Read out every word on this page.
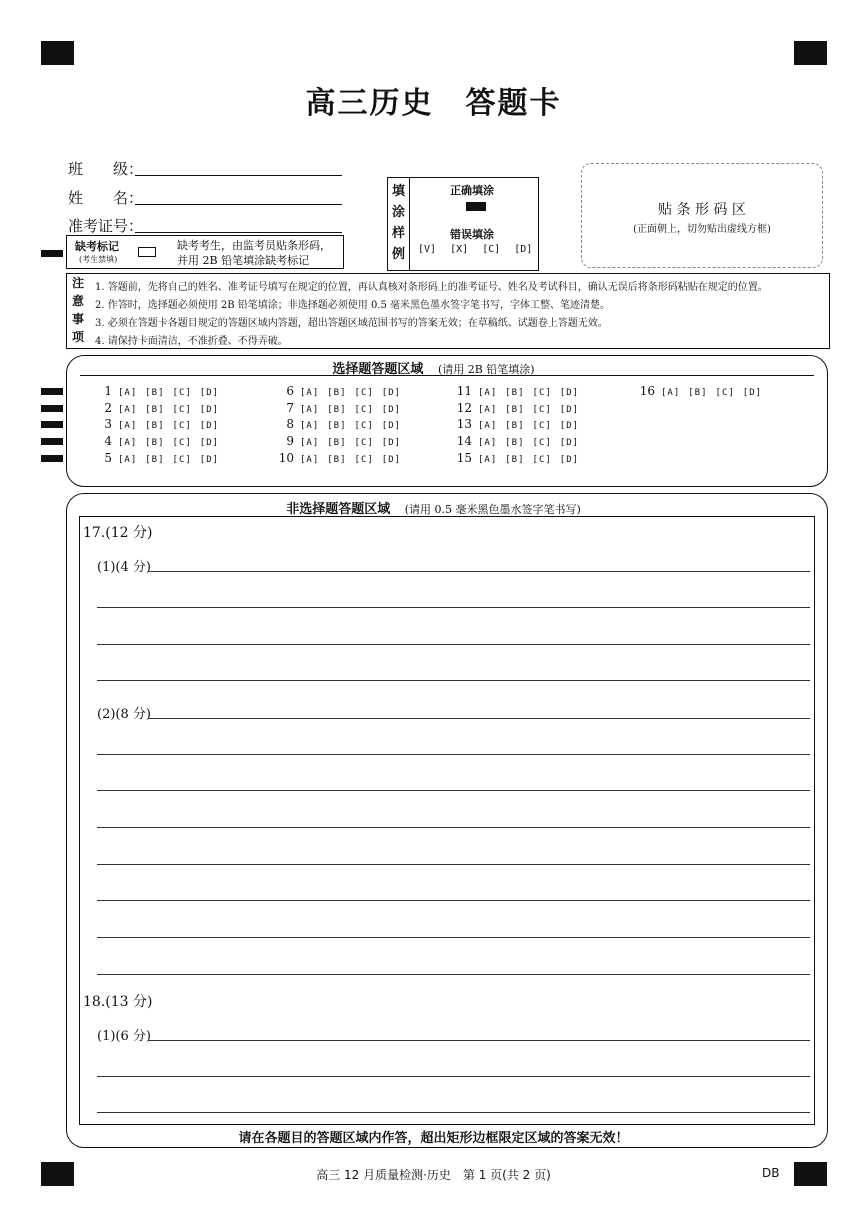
高三历史　答题卡
班　　级：
姓　　名：
准考证号：
缺考标记
(考生禁填)
缺考考生，由监考员贴条形码，
并用 2B 铅笔填涂缺考标记
填
涂
样
例
正确填涂
错误填涂
[V] [X] [C] [D]
贴 条 形 码 区
(正面朝上，切勿贴出虚线方框)
注
意
事
项
1. 答题前，先将自己的姓名、准考证号填写在规定的位置，再认真核对条形码上的准考证号、姓名及考试科目，确认无误后将条形码粘贴在规定的位置。
2. 作答时，选择题必须使用 2B 铅笔填涂；非选择题必须使用 0.5 毫米黑色墨水签字笔书写，字体工整、笔迹清楚。
3. 必须在答题卡各题目规定的答题区域内答题，超出答题区域范围书写的答案无效；在草稿纸、试题卷上答题无效。
4. 请保持卡面清洁，不准折叠、不得弄破。
选择题答题区域 (请用 2B 铅笔填涂)
1 [A] [B] [C] [D]
2 [A] [B] [C] [D]
3 [A] [B] [C] [D]
4 [A] [B] [C] [D]
5 [A] [B] [C] [D]
6 [A] [B] [C] [D]
7 [A] [B] [C] [D]
8 [A] [B] [C] [D]
9 [A] [B] [C] [D]
10 [A] [B] [C] [D]
11 [A] [B] [C] [D]
12 [A] [B] [C] [D]
13 [A] [B] [C] [D]
14 [A] [B] [C] [D]
15 [A] [B] [C] [D]
16 [A] [B] [C] [D]
非选择题答题区域 (请用 0.5 毫米黑色墨水签字笔书写)
17.(12 分)
(1)(4 分)
(2)(8 分)
18.(13 分)
(1)(6 分)
请在各题目的答题区域内作答，超出矩形边框限定区域的答案无效！
高三 12 月质量检测·历史　第 1 页(共 2 页)	DB
